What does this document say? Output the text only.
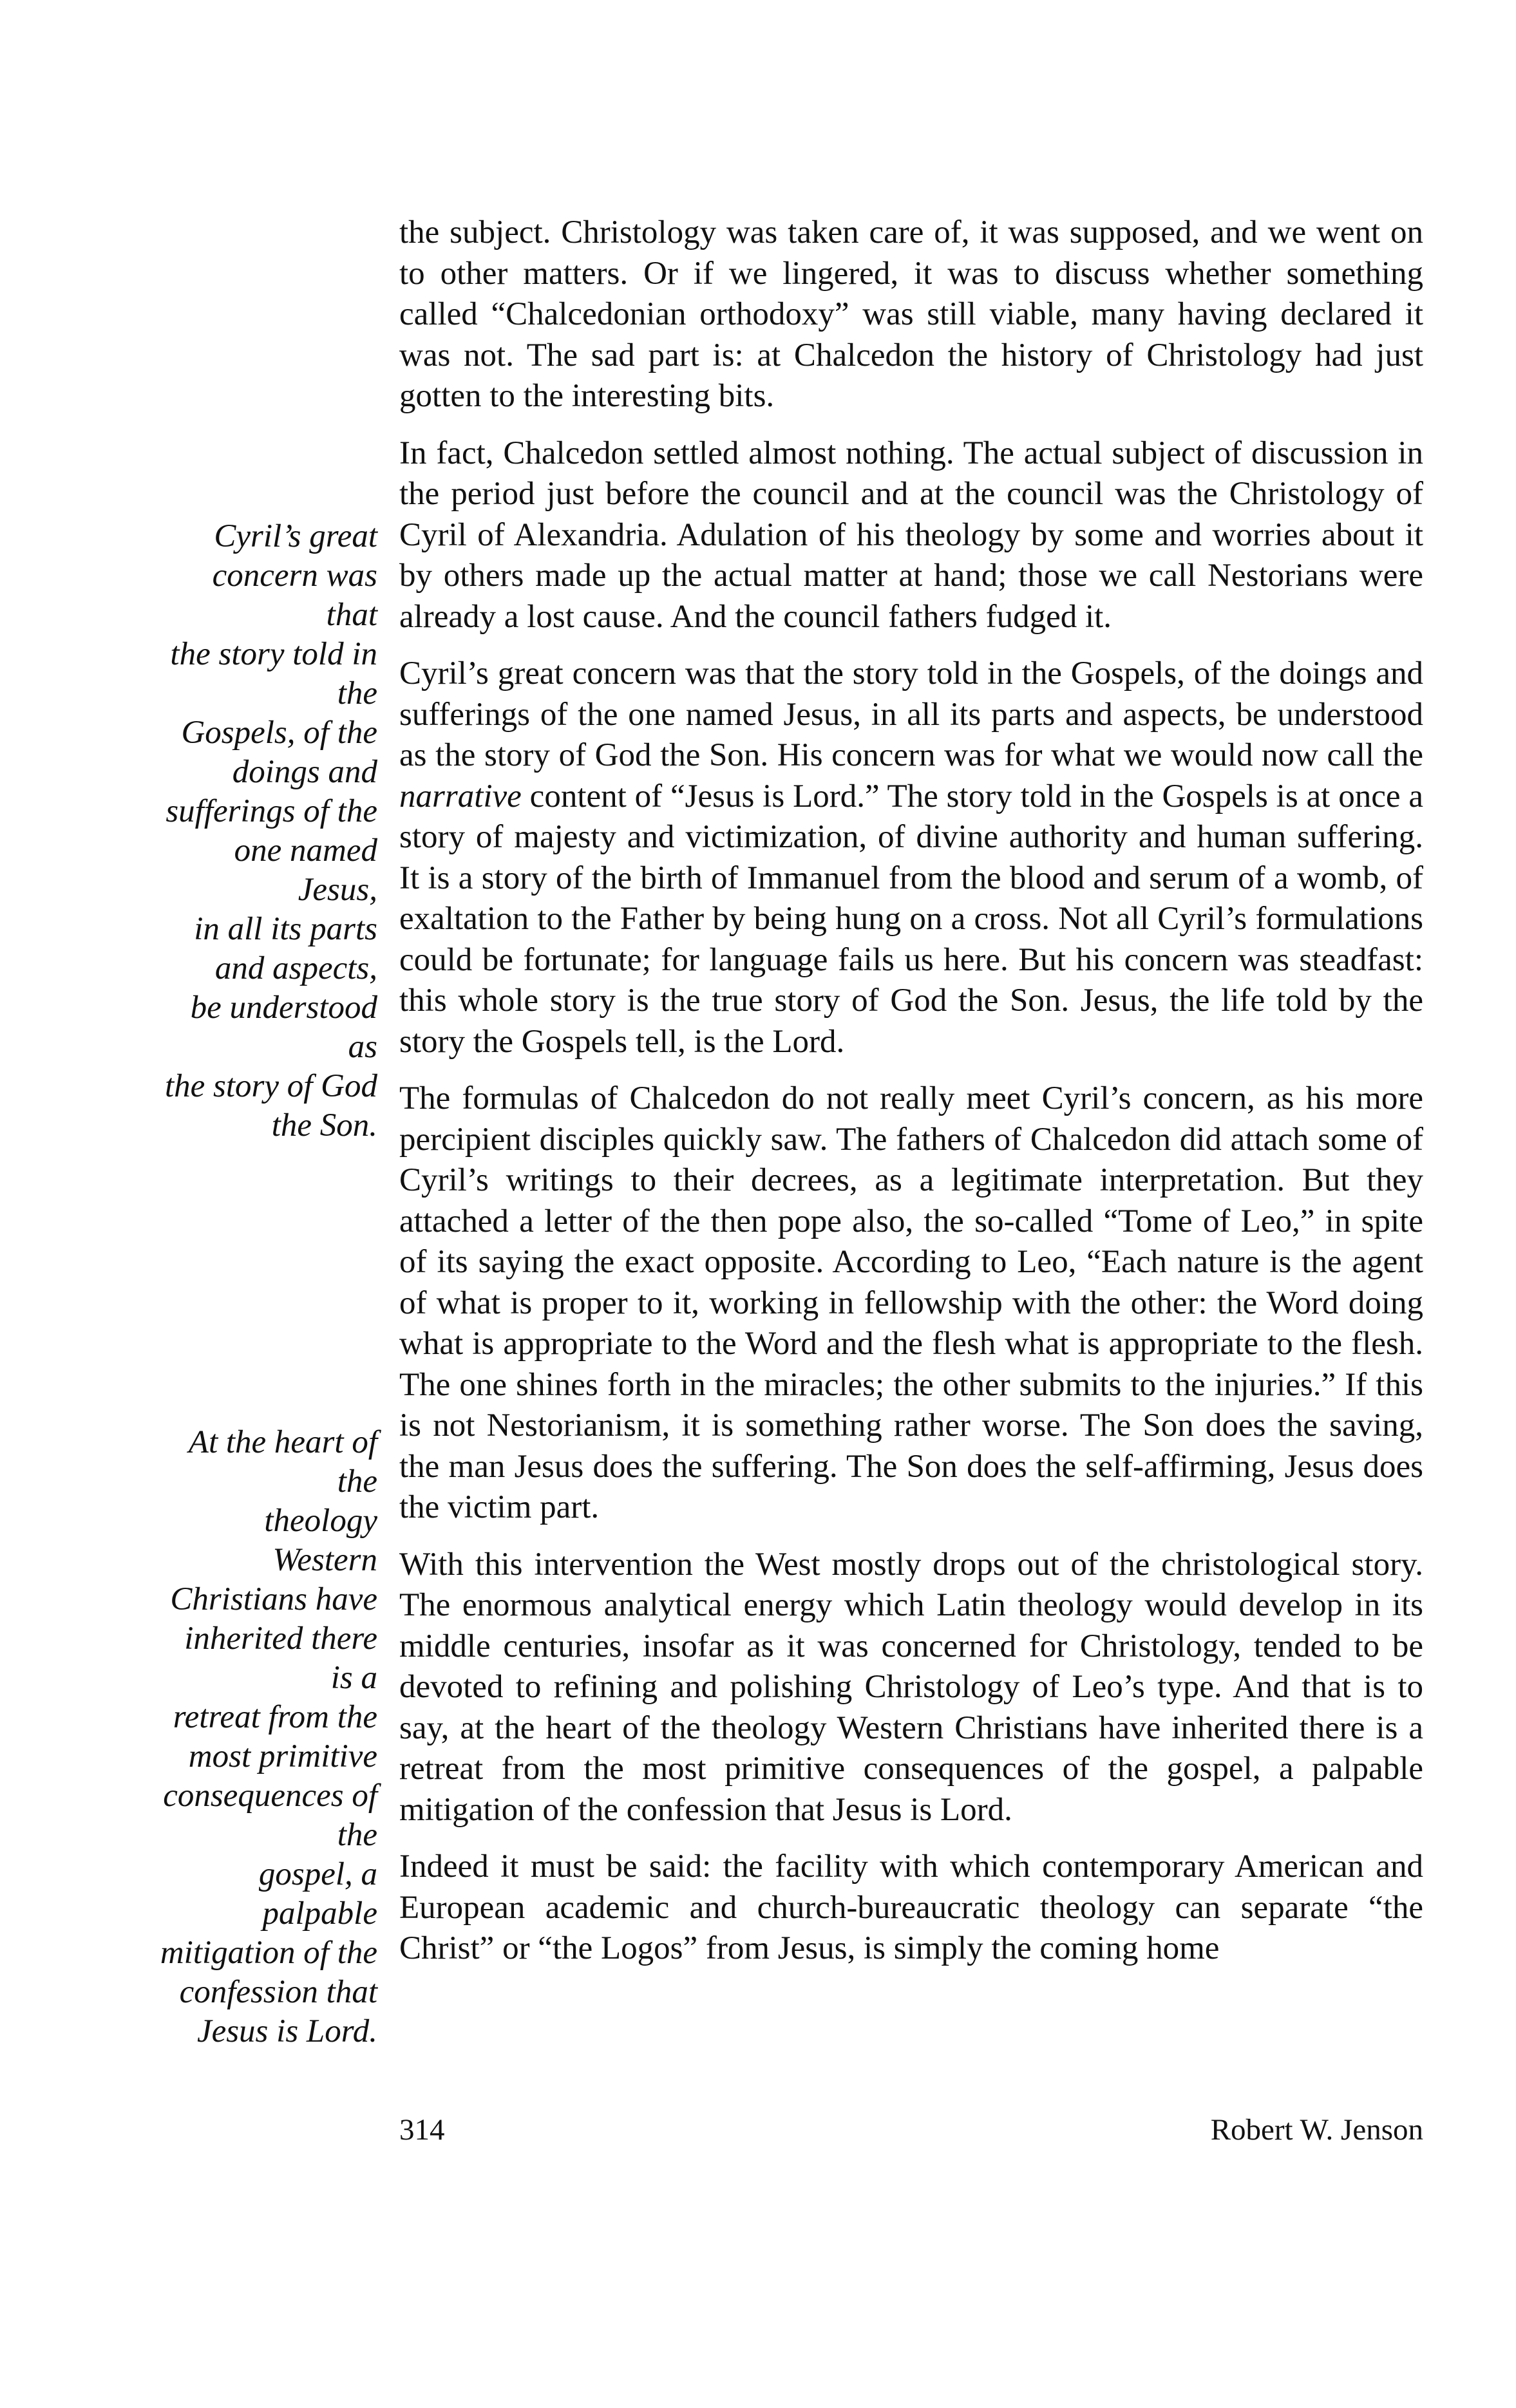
Cyril’s great
concern was that
the story told in the
Gospels, of the
doings and
sufferings of the
one named Jesus,
in all its parts
and aspects,
be understood as
the story of God
the Son.
At the heart of the
theology Western
Christians have
inherited there is a
retreat from the
most primitive
consequences of the
gospel, a palpable
mitigation of the
confession that
Jesus is Lord.

the subject. Christology was taken care of, it was supposed, and we went on to other matters. Or if we lingered, it was to discuss whether something called “Chalcedonian orthodoxy” was still viable, many having declared it was not. The sad part is: at Chalcedon the history of Christology had just gotten to the interesting bits.

In fact, Chalcedon settled almost nothing. The actual subject of discussion in the period just before the council and at the council was the Christology of Cyril of Alexandria. Adulation of his theology by some and worries about it by others made up the actual matter at hand; those we call Nestorians were already a lost cause. And the council fathers fudged it.

Cyril’s great concern was that the story told in the Gospels, of the doings and sufferings of the one named Jesus, in all its parts and aspects, be understood as the story of God the Son. His concern was for what we would now call the narrative content of “Jesus is Lord.” The story told in the Gospels is at once a story of majesty and victimization, of divine authority and human suffering. It is a story of the birth of Immanuel from the blood and serum of a womb, of exaltation to the Father by being hung on a cross. Not all Cyril’s formulations could be fortunate; for language fails us here. But his concern was steadfast: this whole story is the true story of God the Son. Jesus, the life told by the story the Gospels tell, is the Lord.

The formulas of Chalcedon do not really meet Cyril’s concern, as his more percipient disciples quickly saw. The fathers of Chalcedon did attach some of Cyril’s writings to their decrees, as a legitimate interpretation. But they attached a letter of the then pope also, the so-called “Tome of Leo,” in spite of its saying the exact opposite. According to Leo, “Each nature is the agent of what is proper to it, working in fellowship with the other: the Word doing what is appropriate to the Word and the flesh what is appropriate to the flesh. The one shines forth in the miracles; the other submits to the injuries.” If this is not Nestorianism, it is something rather worse. The Son does the saving, the man Jesus does the suffering. The Son does the self-affirming, Jesus does the victim part.

With this intervention the West mostly drops out of the christological story. The enormous analytical energy which Latin theology would develop in its middle centuries, insofar as it was concerned for Christology, tended to be devoted to refining and polishing Christology of Leo’s type. And that is to say, at the heart of the theology Western Christians have inherited there is a retreat from the most primitive consequences of the gospel, a palpable mitigation of the confession that Jesus is Lord.

Indeed it must be said: the facility with which contemporary American and European academic and church-bureaucratic theology can separate “the Christ” or “the Logos” from Jesus, is simply the coming home

314	Robert W. Jenson
